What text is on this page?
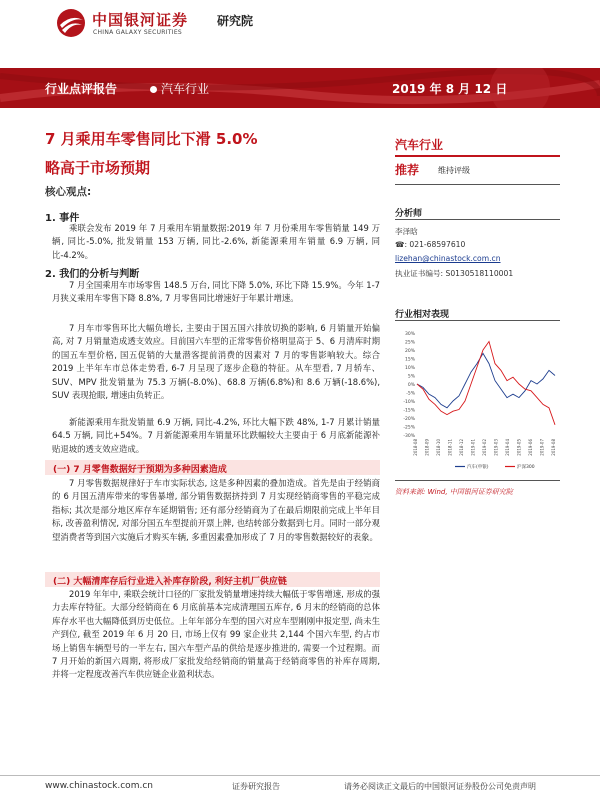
中国银河证券
CHINA GALAXY SECURITIES
研究院
行业点评报告	汽车行业	2019 年 8 月 12 日
7 月乘用车零售同比下滑 5.0%
略高于市场预期
核心观点:
1. 事件
乘联会发布 2019 年 7 月乘用车销量数据:2019 年 7 月份乘用车零售销量 149 万辆, 同比-5.0%, 批发销量 153 万辆, 同比-2.6%, 新能源乘用车销量 6.9 万辆, 同比-4.2%。
2. 我们的分析与判断
7 月全国乘用车市场零售 148.5 万台, 同比下降 5.0%, 环比下降 15.9%。今年 1-7 月狭义乘用车零售下降 8.8%, 7 月零售同比增速好于年累计增速。
7 月车市零售环比大幅负增长, 主要由于国五国六排放切换的影响, 6 月销量开始偏高, 对 7 月销量造成透支效应。目前国六车型的正常零售价格明显高于 5、6 月清库时期的国五车型价格, 国五促销的大量潜客提前消费的因素对 7 月的零售影响较大。综合 2019 上半年车市总体走势看, 6-7 月呈现了逐步企稳的特征。从车型看, 7 月轿车、SUV、MPV 批发销量为 75.3 万辆(-8.0%)、68.8 万辆(6.8%)和 8.6 万辆(-18.6%), SUV 表现抢眼, 增速由负转正。
新能源乘用车批发销量 6.9 万辆, 同比-4.2%, 环比大幅下跌 48%, 1-7 月累计销量 64.5 万辆, 同比+54%。7 月新能源乘用车销量环比跌幅较大主要由于 6 月底新能源补贴退坡的透支效应造成。
(一) 7 月零售数据好于预期为多种因素造成
7 月零售数据规律好于车市实际状态, 这是多种因素的叠加造成。首先是由于经销商的 6 月国五清库带来的零售暴增, 部分销售数据挤持到 7 月实现经销商零售的平稳完成指标; 其次是部分地区库存车延期销售; 还有部分经销商为了在最后期限前完成上半年目标, 改善盈利情况, 对部分国五车型提前开票上牌, 也结转部分数据到七月。同时一部分观望消费者等到国六实施后才购买车辆, 多重因素叠加形成了 7 月的零售数据较好的表象。
(二) 大幅清库存后行业进入补库存阶段, 利好主机厂供应链
2019 年年中, 乘联会统计口径的厂家批发销量增速持续大幅低于零售增速, 形成的强力去库存特征。大部分经销商在 6 月底前基本完成清理国五库存, 6 月末的经销商的总体库存水平也大幅降低到历史低位。上年年部分车型的国六对应车型刚刚申报定型, 尚未生产到位, 截至 2019 年 6 月 20 日, 市场上仅有 99 家企业共 2,144 个国六车型, 约占市场上销售车辆型号的一半左右, 国六车型产品的供给是逐步推进的, 需要一个过程期。而 7 月开始的新国六周期, 将形成厂家批发给经销商的销量高于经销商零售的补库存周期, 并将一定程度改善汽车供应链企业盈利状态。
汽车行业
推荐 维持评级
分析师
李泽晗
☎: 021-68597610
lizehan@chinastock.com.cn
执业证书编号: S0130518110001
行业相对表现
30%
25%
20%
15%
10%
5%
0%
-5%
-10%
-15%
-20%
-25%
-30%
2018-08 2018-09 2018-10 2018-11 2018-12 2019-01 2019-02 2019-03 2019-04 2019-05 2019-06 2019-07 2019-08
汽车(申银)	沪深300
资料来源: Wind, 中国银河证券研究院
www.chinastock.com.cn	证券研究报告	请务必阅读正文最后的中国银河证券股份公司免责声明
